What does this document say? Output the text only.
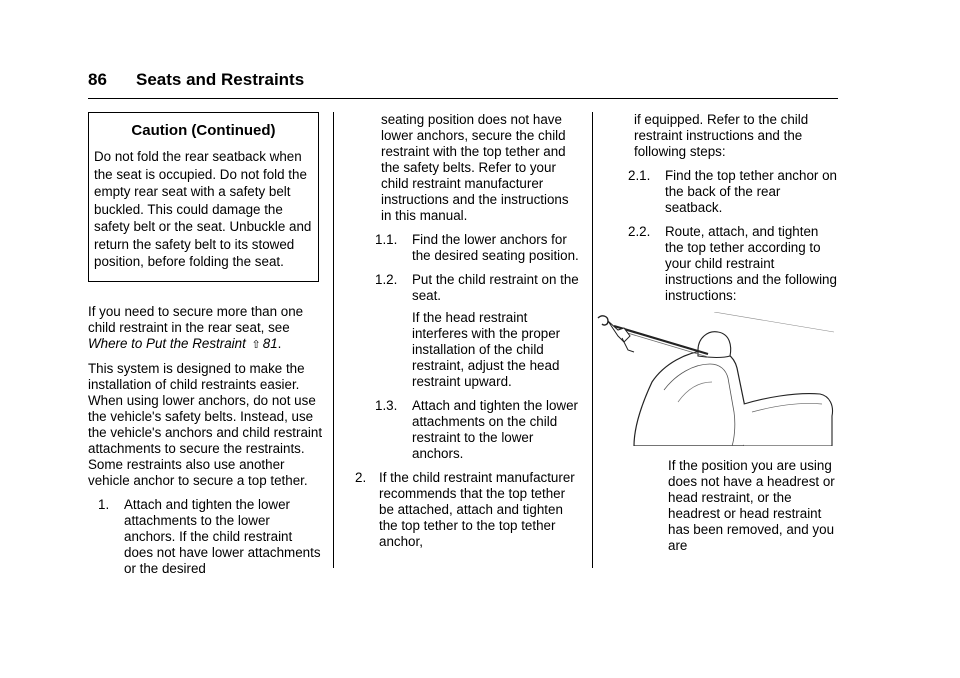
86 Seats and Restraints
Caution (Continued)
Do not fold the rear seatback when the seat is occupied. Do not fold the empty rear seat with a safety belt buckled. This could damage the safety belt or the seat. Unbuckle and return the safety belt to its stowed position, before folding the seat.

If you need to secure more than one child restraint in the rear seat, see Where to Put the Restraint ⇧ 81.

This system is designed to make the installation of child restraints easier. When using lower anchors, do not use the vehicle's safety belts. Instead, use the vehicle's anchors and child restraint attachments to secure the restraints. Some restraints also use another vehicle anchor to secure a top tether.

1.	Attach and tighten the lower attachments to the lower anchors. If the child restraint does not have lower attachments or the desired
seating position does not have lower anchors, secure the child restraint with the top tether and the safety belts. Refer to your child restraint manufacturer instructions and the instructions in this manual.
1.1.	Find the lower anchors for the desired seating position.
1.2.	Put the child restraint on the seat.
If the head restraint interferes with the proper installation of the child restraint, adjust the head restraint upward.
1.3.	Attach and tighten the lower attachments on the child restraint to the lower anchors.
2. If the child restraint manufacturer recommends that the top tether be attached, attach and tighten the top tether to the top tether anchor,
if equipped. Refer to the child restraint instructions and the following steps:
2.1.	Find the top tether anchor on the back of the rear seatback.
2.2.	Route, attach, and tighten the top tether according to your child restraint instructions and the following instructions:
If the position you are using does not have a headrest or head restraint, or the headrest or head restraint has been removed, and you are
